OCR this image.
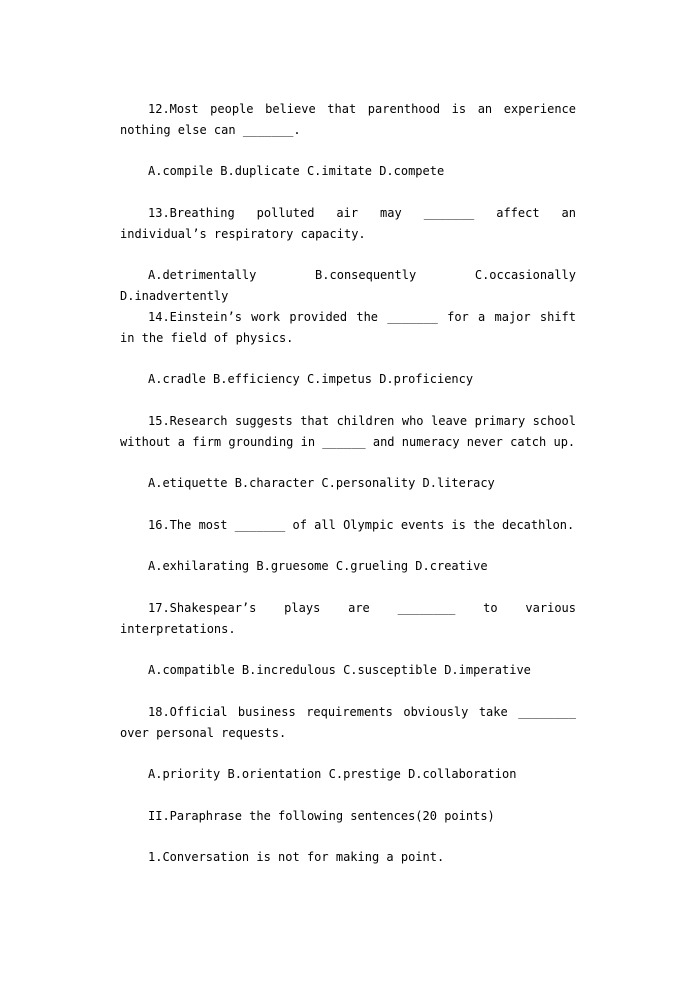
12.Most people believe that parenthood is an experience nothing else can _______.

A.compile B.duplicate C.imitate D.compete

13.Breathing polluted air may _______ affect an individual’s respiratory capacity.

A.detrimentally B.consequently C.occasionally D.inadvertently

14.Einstein’s work provided the _______ for a major shift in the field of physics.

A.cradle B.efficiency C.impetus D.proficiency

15.Research suggests that children who leave primary school without a firm grounding in ______ and numeracy never catch up.

A.etiquette B.character C.personality D.literacy

16.The most _______ of all Olympic events is the decathlon.

A.exhilarating B.gruesome C.grueling D.creative

17.Shakespear’s plays are ________ to various interpretations.

A.compatible B.incredulous C.susceptible D.imperative

18.Official business requirements obviously take ________ over personal requests.

A.priority B.orientation C.prestige D.collaboration

II.Paraphrase the following sentences(20 points)

1.Conversation is not for making a point.
